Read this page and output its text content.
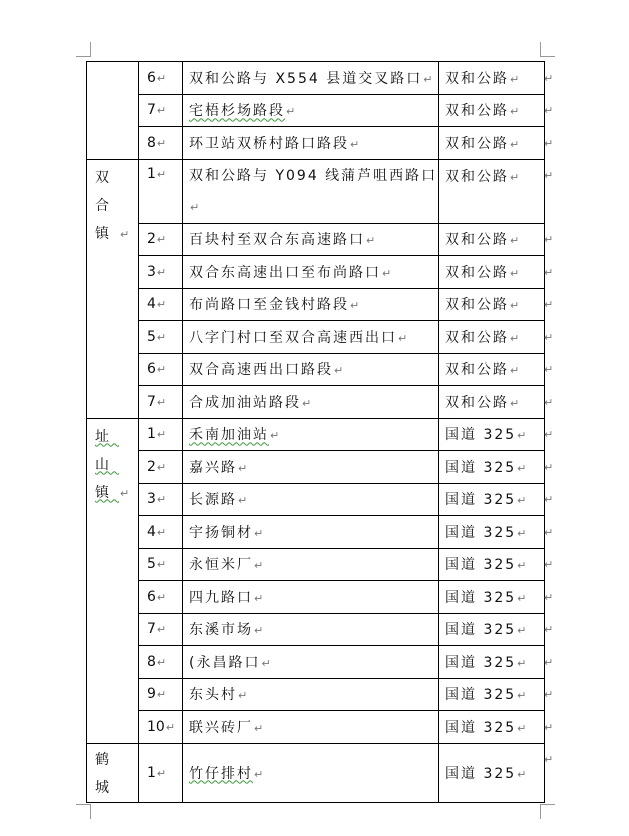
	6↵	双和公路与 X554 县道交叉路口↵	双和公路↵
	7↵	宅梧杉场路段↵	双和公路↵
	8↵	环卫站双桥村路口路段↵	双和公路↵
双合镇↵	1↵	双和公路与 Y094 线蒲芦咀西路口↵	双和公路↵
	2↵	百块村至双合东高速路口↵	双和公路↵
	3↵	双合东高速出口至布尚路口↵	双和公路↵
	4↵	布尚路口至金钱村路段↵	双和公路↵
	5↵	八字门村口至双合高速西出口↵	双和公路↵
	6↵	双合高速西出口路段↵	双和公路↵
	7↵	合成加油站路段↵	双和公路↵
址山镇↵	1↵	禾南加油站↵	国道 325↵
	2↵	嘉兴路↵	国道 325↵
	3↵	长源路↵	国道 325↵
	4↵	宇扬铜材↵	国道 325↵
	5↵	永恒米厂↵	国道 325↵
	6↵	四九路口↵	国道 325↵
	7↵	东溪市场↵	国道 325↵
	8↵	(永昌路口↵	国道 325↵
	9↵	东头村↵	国道 325↵
	10↵	联兴砖厂↵	国道 325↵
鹤城	1↵	竹仔排村↵	国道 325↵
↵
↵
↵
↵
↵
↵
↵
↵
↵
↵
↵
↵
↵
↵
↵
↵
↵
↵
↵
↵
↵
